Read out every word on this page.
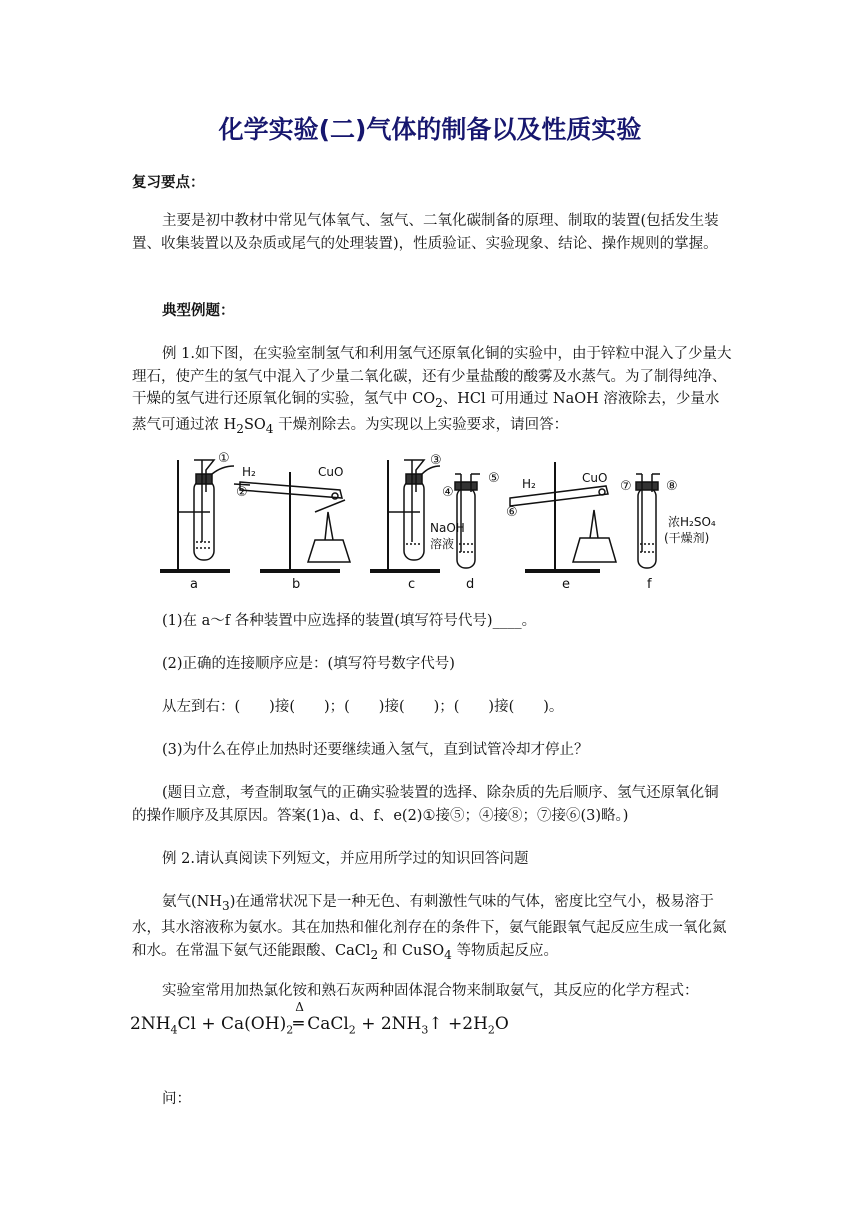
化学实验(二)气体的制备以及性质实验
复习要点：
主要是初中教材中常见气体氧气、氢气、二氧化碳制备的原理、制取的装置(包括发生装置、收集装置以及杂质或尾气的处理装置)，性质验证、实验现象、结论、操作规则的掌握。
典型例题：
例 1.如下图，在实验室制氢气和利用氢气还原氧化铜的实验中，由于锌粒中混入了少量大理石，使产生的氢气中混入了少量二氧化碳，还有少量盐酸的酸雾及水蒸气。为了制得纯净、干燥的氢气进行还原氧化铜的实验，氢气中 $CO_2$、HCl 可用通过 NaOH 溶液除去，少量水蒸气可通过浓 $H_2SO_4$ 干燥剂除去。为实现以上实验要求，请回答：
①
②
③
④
⑤
⑥
⑦	⑧
H₂	CuO
H₂	CuO
NaOH
溶液
浓H₂SO₄
(干燥剂)
a	b	c	d	e	f
(1)在 a～f 各种装置中应选择的装置(填写符号代号)____。
(2)正确的连接顺序应是：(填写符号数字代号)
从左到右：(　　)接(　　)；(　　)接(　　)；(　　)接(　　)。
(3)为什么在停止加热时还要继续通入氢气，直到试管冷却才停止？
(题目立意，考查制取氢气的正确实验装置的选择、除杂质的先后顺序、氢气还原氧化铜的操作顺序及其原因。答案(1)a、d、f、e(2)①接⑤；④接⑧；⑦接⑥(3)略。)
例 2.请认真阅读下列短文，并应用所学过的知识回答问题
氨气$(NH_3)$在通常状况下是一种无色、有刺激性气味的气体，密度比空气小，极易溶于水，其水溶液称为氨水。其在加热和催化剂存在的条件下，氨气能跟氧气起反应生成一氧化氮和水。在常温下氨气还能跟酸、CaCl$_2$ 和 CuSO$_4$ 等物质起反应。
实验室常用加热氯化铵和熟石灰两种固体混合物来制取氨气，其反应的化学方程式：
$2NH_4Cl + Ca(OH)_2$
Δ
═ CaCl$_2$ + $2NH_3↑ +2H_2O$
问：
